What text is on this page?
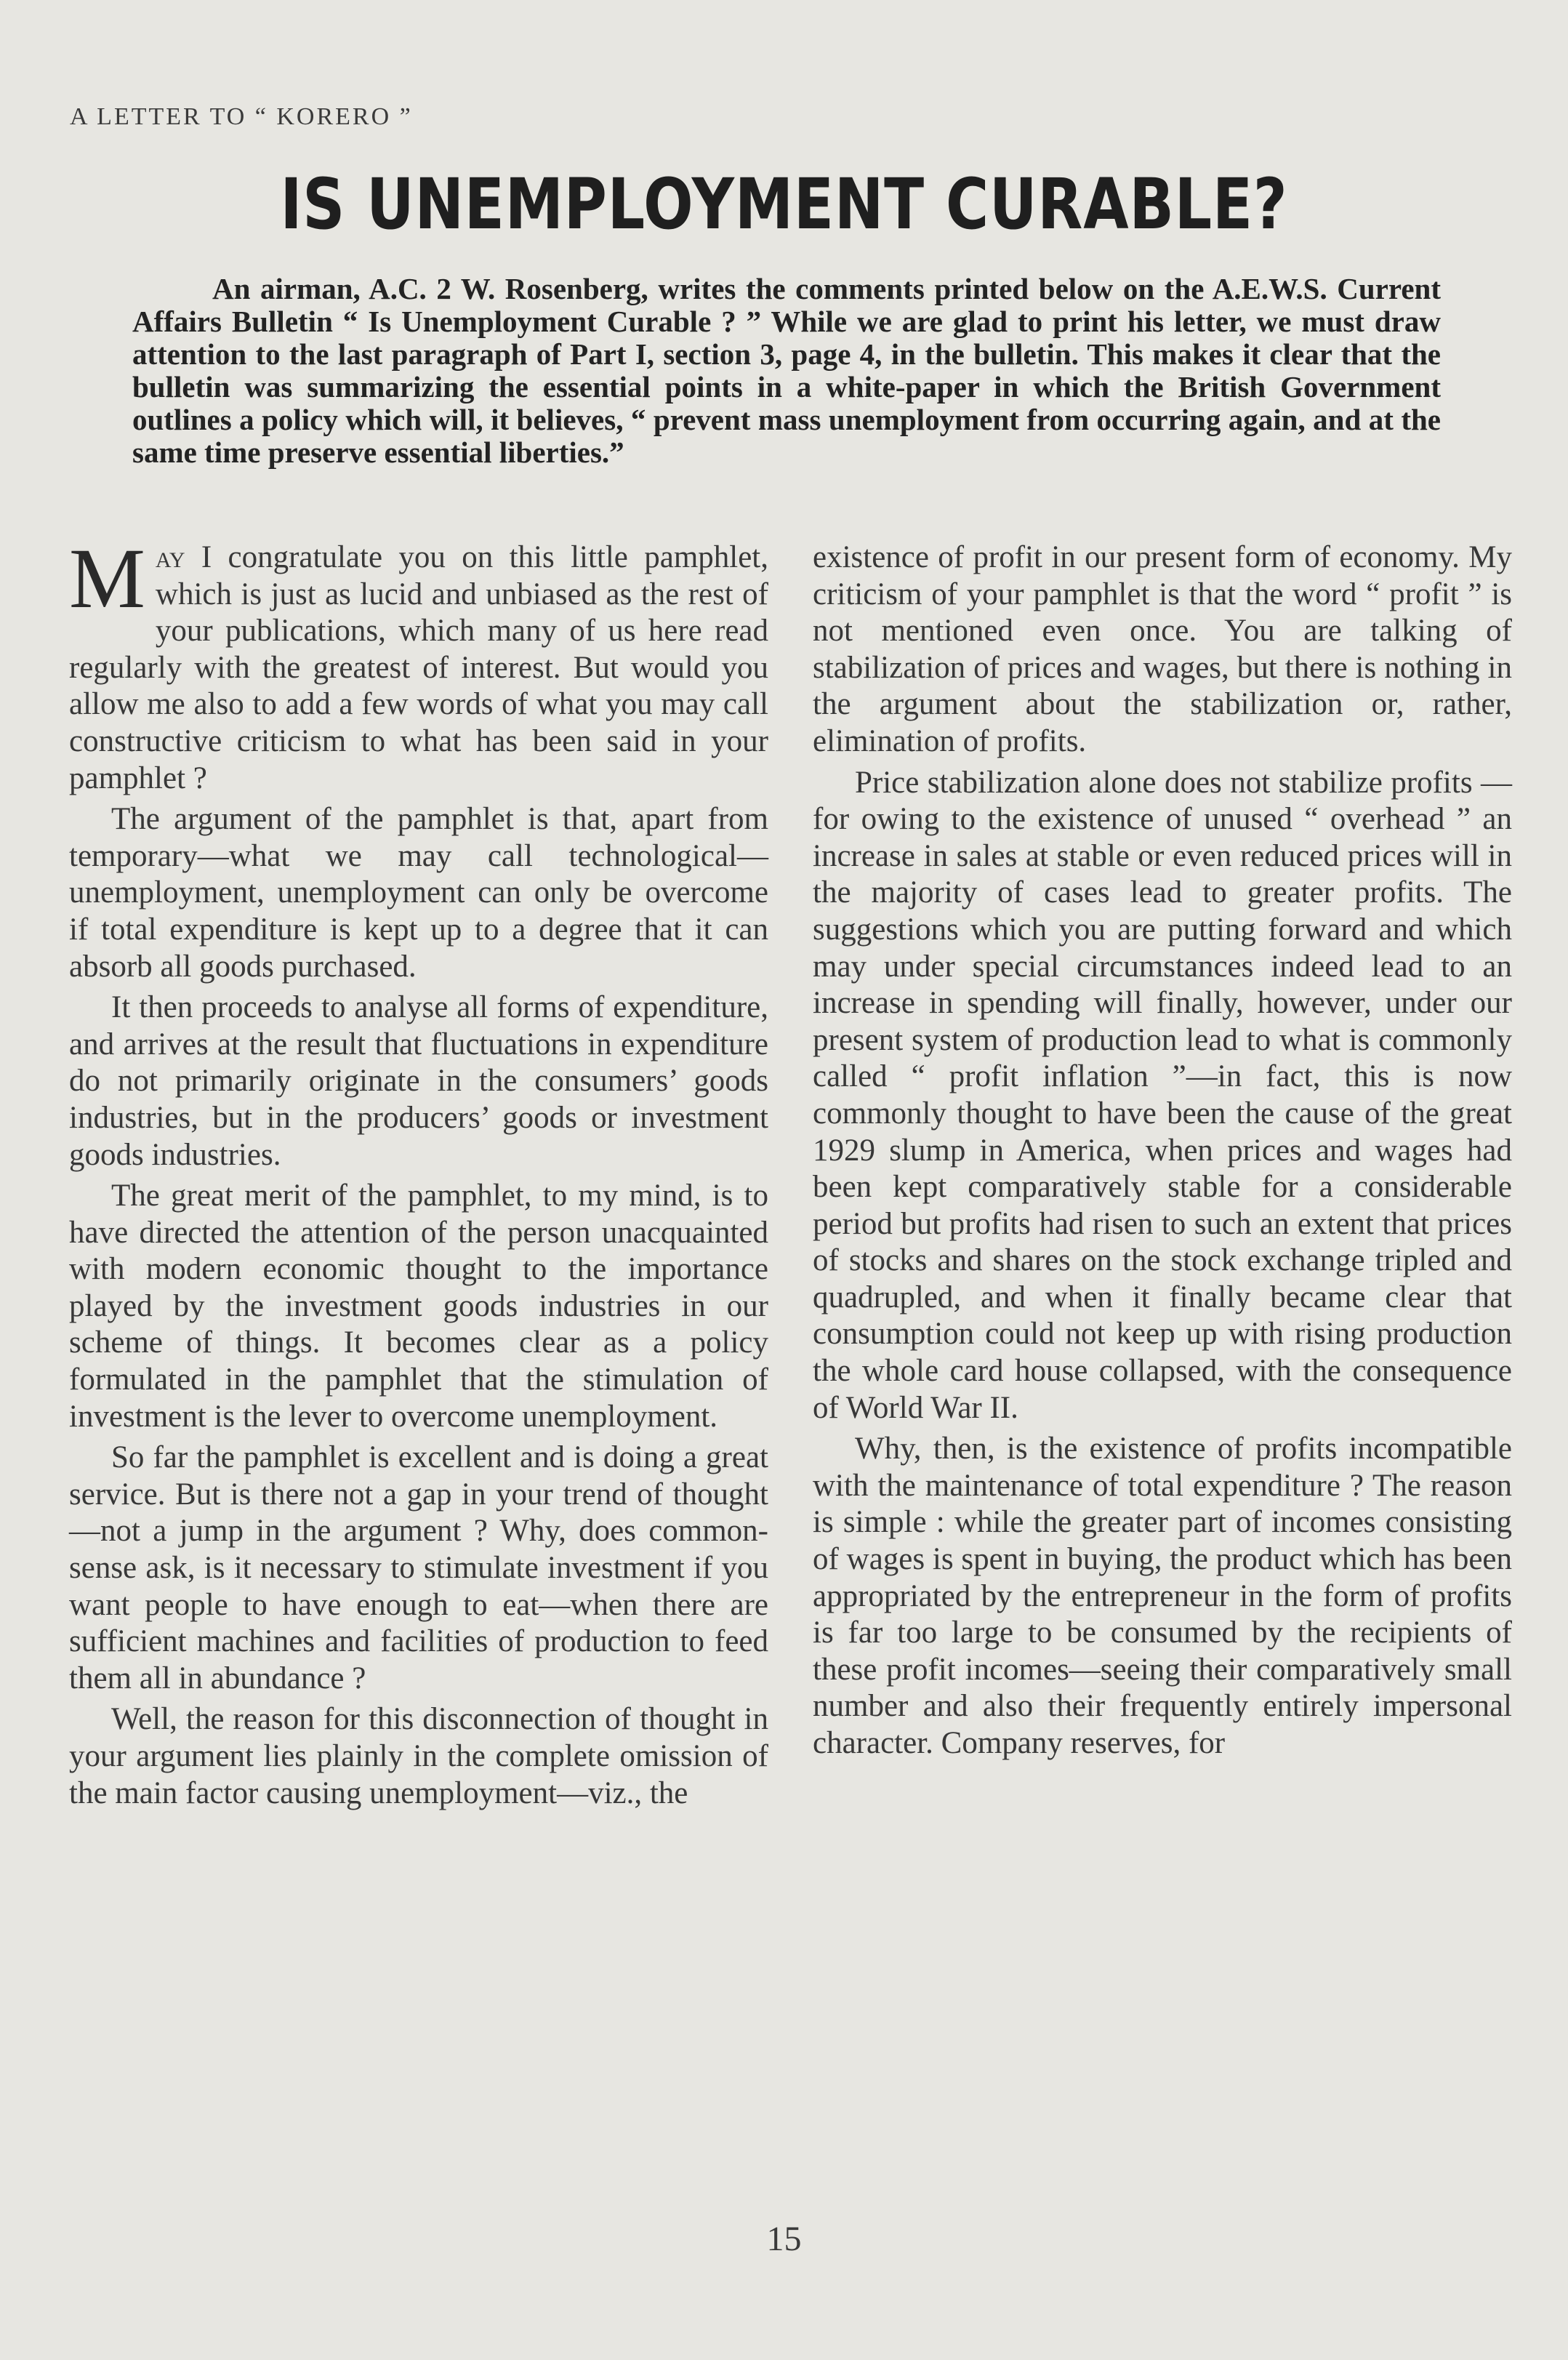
A LETTER TO “ KORERO ”
IS UNEMPLOYMENT CURABLE?

An airman, A.C. 2 W. Rosenberg, writes the comments printed below on the A.E.W.S. Current Affairs Bulletin “ Is Unemployment Curable ? ” While we are glad to print his letter, we must draw attention to the last paragraph of Part I, section 3, page 4, in the bulletin. This makes it clear that the bulletin was summarizing the essential points in a white-paper in which the British Government outlines a policy which will, it believes, “ prevent mass unemployment from occurring again, and at the same time preserve essential liberties.”

May I congratulate you on this little pamphlet, which is just as lucid and unbiased as the rest of your publications, which many of us here read regularly with the greatest of interest. But would you allow me also to add a few words of what you may call constructive criticism to what has been said in your pamphlet ?

The argument of the pamphlet is that, apart from temporary—what we may call technological—unemployment, unemployment can only be overcome if total expenditure is kept up to a degree that it can absorb all goods purchased.

It then proceeds to analyse all forms of expenditure, and arrives at the result that fluctuations in expenditure do not primarily originate in the consumers’ goods industries, but in the producers’ goods or investment goods industries.

The great merit of the pamphlet, to my mind, is to have directed the attention of the person unacquainted with modern economic thought to the importance played by the investment goods industries in our scheme of things. It becomes clear as a policy formulated in the pamphlet that the stimulation of investment is the lever to overcome unemployment.

So far the pamphlet is excellent and is doing a great service. But is there not a gap in your trend of thought—not a jump in the argument ? Why, does common-sense ask, is it necessary to stimulate investment if you want people to have enough to eat—when there are sufficient machines and facilities of production to feed them all in abundance ?

Well, the reason for this disconnection of thought in your argument lies plainly in the complete omission of the main factor causing unemployment—viz., the

existence of profit in our present form of economy. My criticism of your pamphlet is that the word “ profit ” is not mentioned even once. You are talking of stabilization of prices and wages, but there is nothing in the argument about the stabilization or, rather, elimination of profits.

Price stabilization alone does not stabilize profits — for owing to the existence of unused “ overhead ” an increase in sales at stable or even reduced prices will in the majority of cases lead to greater profits. The suggestions which you are putting forward and which may under special circumstances indeed lead to an increase in spending will finally, however, under our present system of production lead to what is commonly called “ profit inflation ”—in fact, this is now commonly thought to have been the cause of the great 1929 slump in America, when prices and wages had been kept comparatively stable for a considerable period but profits had risen to such an extent that prices of stocks and shares on the stock exchange tripled and quadrupled, and when it finally became clear that consumption could not keep up with rising production the whole card house collapsed, with the consequence of World War II.

Why, then, is the existence of profits incompatible with the maintenance of total expenditure ? The reason is simple : while the greater part of incomes consisting of wages is spent in buying, the product which has been appropriated by the entrepreneur in the form of profits is far too large to be consumed by the recipients of these profit incomes—seeing their comparatively small number and also their frequently entirely impersonal character. Company reserves, for

15
